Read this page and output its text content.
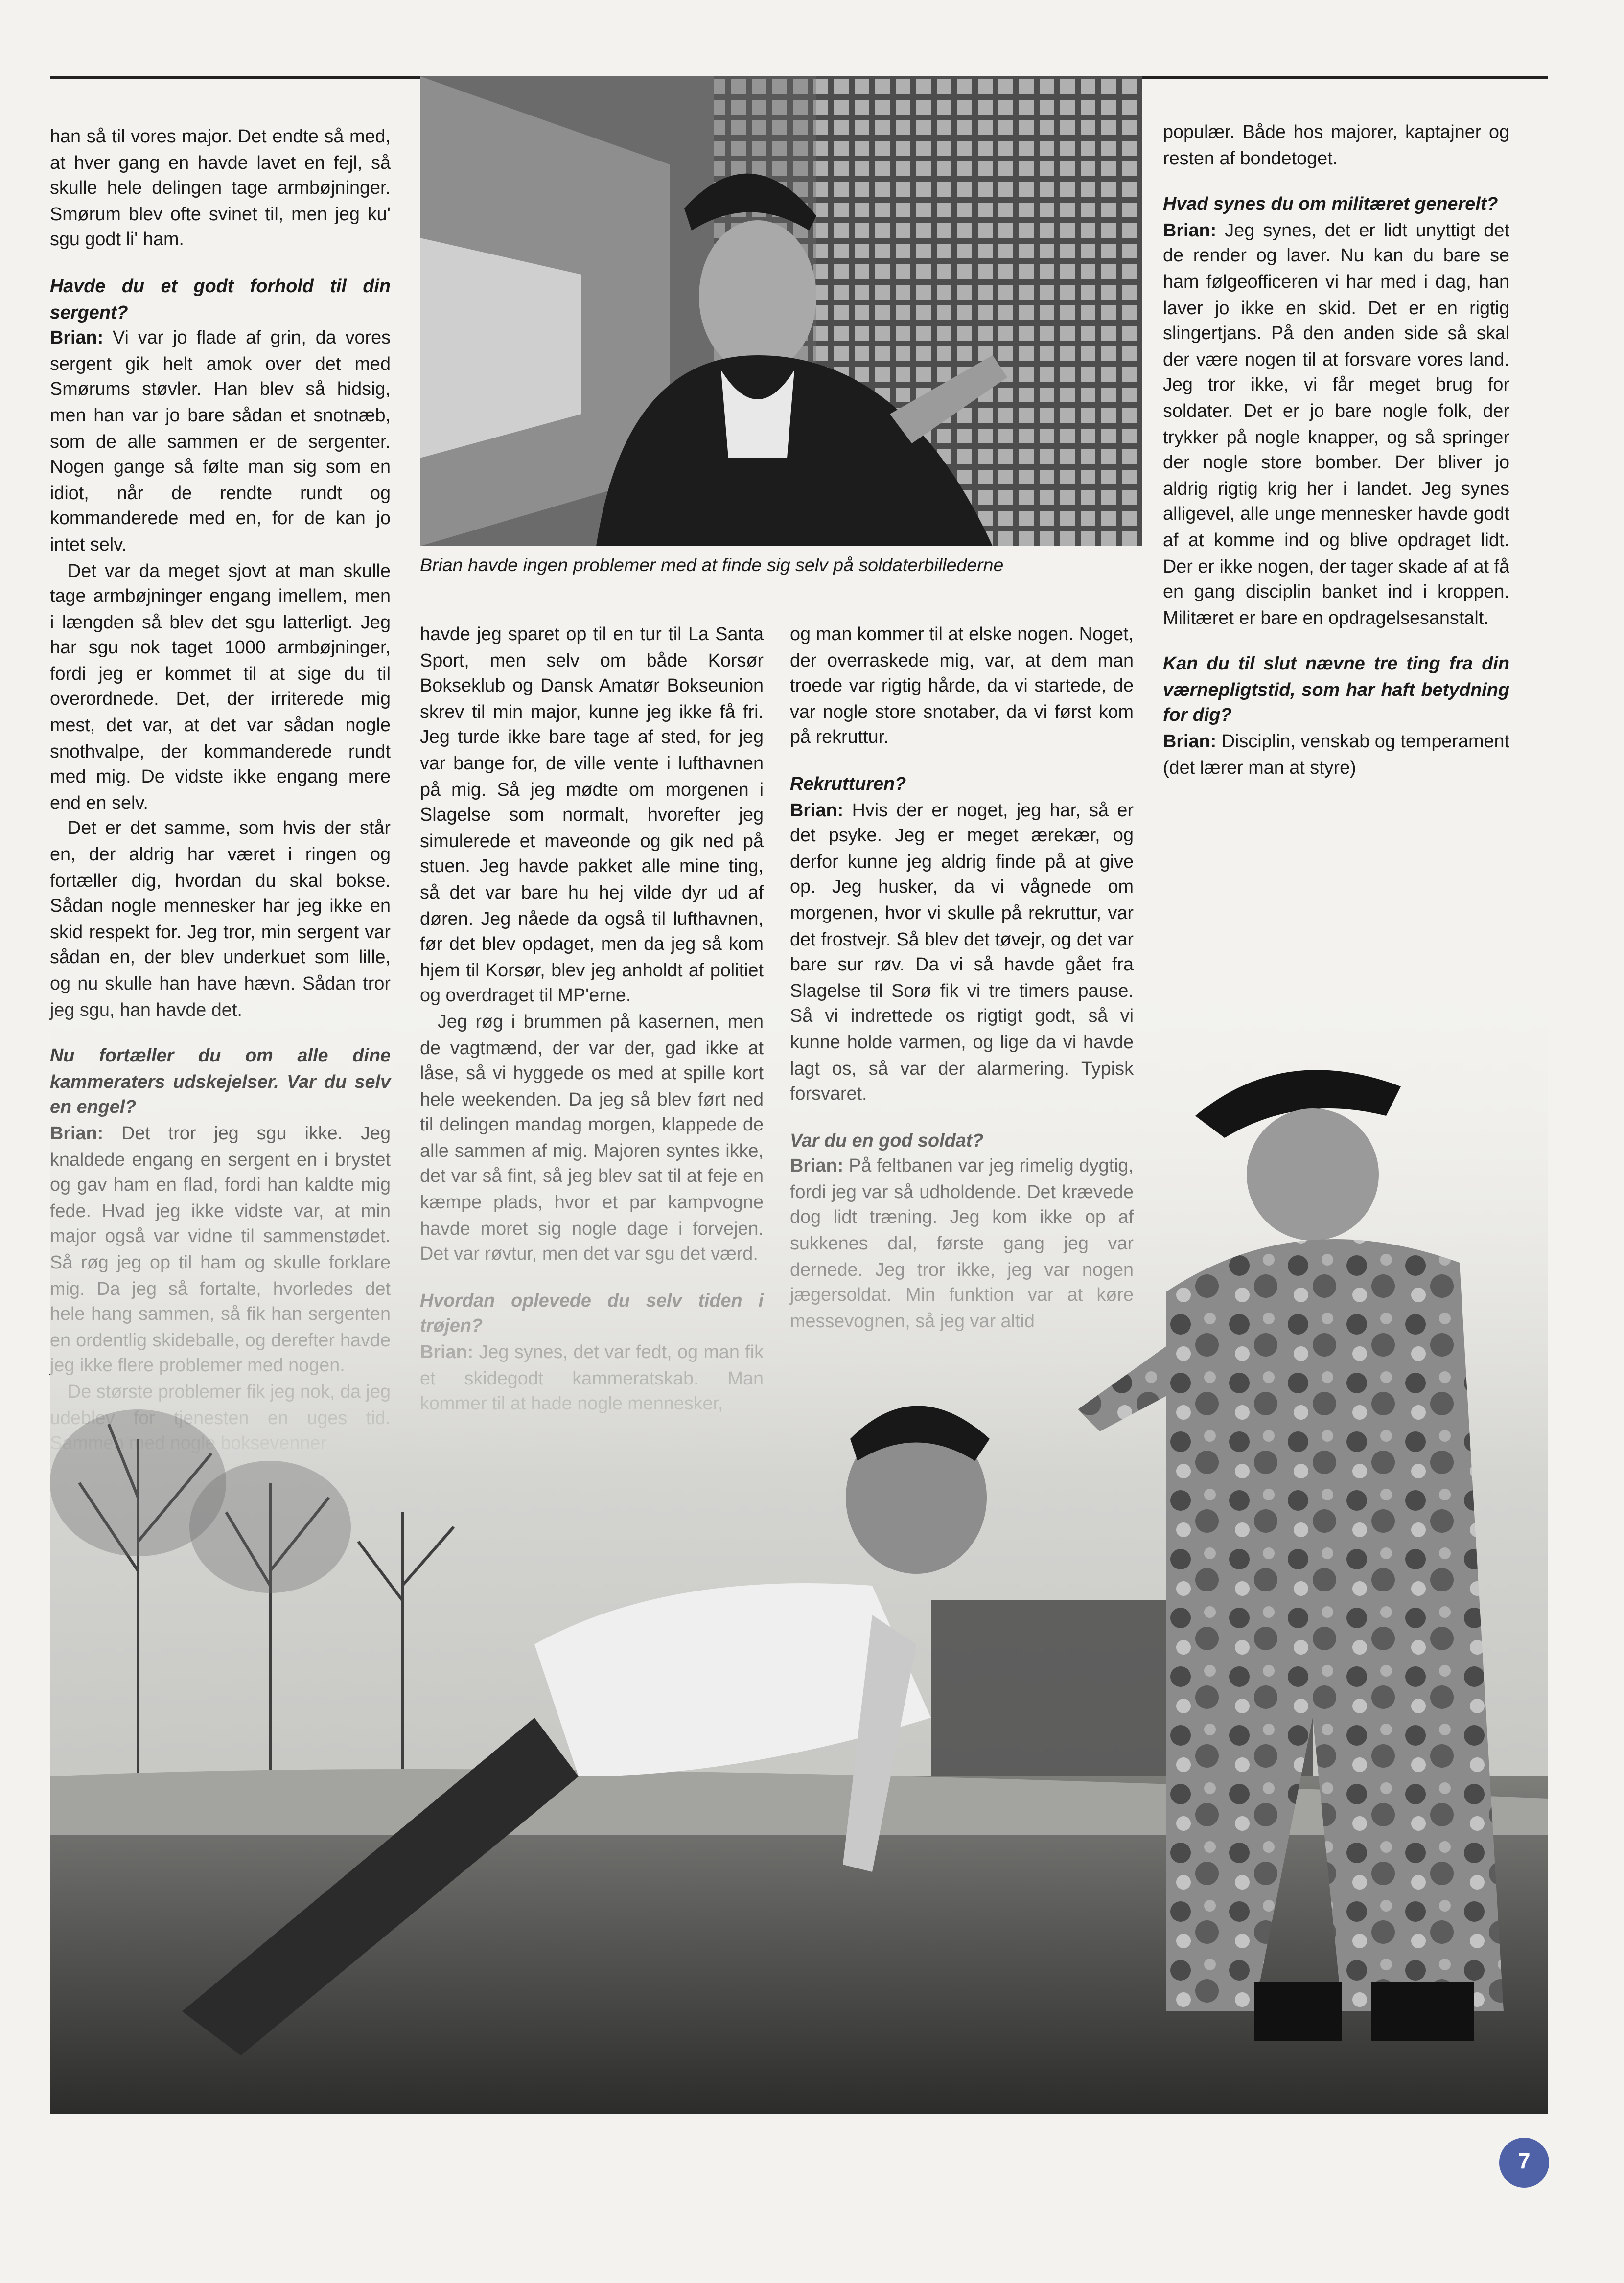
han så til vores major. Det endte så med, at hver gang en havde lavet en fejl, så skulle hele delingen tage armbøjninger. Smørum blev ofte svinet til, men jeg ku' sgu godt li' ham.

Havde du et godt forhold til din sergent?

Brian: Vi var jo flade af grin, da vores sergent gik helt amok over det med Smørums støvler. Han blev så hidsig, men han var jo bare sådan et snotnæb, som de alle sammen er de sergenter. Nogen gange så følte man sig som en idiot, når de rendte rundt og kommanderede med en, for de kan jo intet selv.

Det var da meget sjovt at man skulle tage armbøjninger engang imellem, men i længden så blev det sgu latterligt. Jeg har sgu nok taget 1000 armbøjninger, fordi jeg er kommet til at sige du til overordnede. Det, der irriterede mig mest, det var, at det var sådan nogle snothvalpe, der kommanderede rundt med mig. De vidste ikke engang mere end en selv.

Det er det samme, som hvis der står en, der aldrig har været i ringen og fortæller dig, hvordan du skal bokse. Sådan nogle mennesker har jeg ikke en skid respekt for. Jeg tror, min sergent var

Brian havde ingen problemer med at finde sig selv på soldaterbillederne

havde jeg sparet op til en tur til La Santa Sport, men selv om både Korsør Bokseklub og Dansk Amatør Bokseunion skrev til min major, kunne jeg ikke få fri. Jeg turde ikke bare tage af sted, for jeg var bange for, de ville vente i lufthavnen på mig. Så jeg mødte om morgenen i Slagelse som normalt, hvorefter jeg simulerede et maveonde og gik ned på stuen. Jeg havde pakket alle mine ting, så det var bare hu hej vilde dyr ud af døren. Jeg nåede da også til lufthavnen, før det blev opdaget, men da jeg så kom

og man kommer til at elske nogen. Noget, der overraskede mig, var, at dem man troede var rigtig hårde, da vi startede, de var nogle store snotaber, da vi først kom på rekruttur.

Rekrutturen?

Brian: Hvis der er noget, jeg har, så er det psyke. Jeg er meget ærekær, og derfor kunne jeg aldrig finde på at give op. Jeg husker, da vi vågnede om morgenen, hvor vi skulle på rekruttur, var det frostvejr. Så blev det tøvejr, og det var

populær. Både hos majorer, kaptajner og resten af bondetoget.

Hvad synes du om militæret generelt?

Brian: Jeg synes, det er lidt unyttigt det de render og laver. Nu kan du bare se ham følgeofficeren vi har med i dag, han laver jo ikke en skid. Det er en rigtig slingertjans. På den anden side så skal der være nogen til at forsvare vores land. Jeg tror ikke, vi får meget brug for soldater. Det er jo bare nogle folk, der trykker på nogle knapper, og så springer der nogle store bomber. Der bliver jo aldrig rigtig krig her i landet. Jeg synes alligevel, alle unge mennesker havde godt af at komme ind og blive opdraget lidt. Der er ikke nogen, der tager skade af at få en gang disciplin banket ind i kroppen. Militæret er bare en opdragelsesanstalt.

Kan du til slut nævne tre ting fra din værnepligtstid, som har haft betydning for dig?

Brian: Disciplin, venskab og temperament (det lærer man at styre)

7
